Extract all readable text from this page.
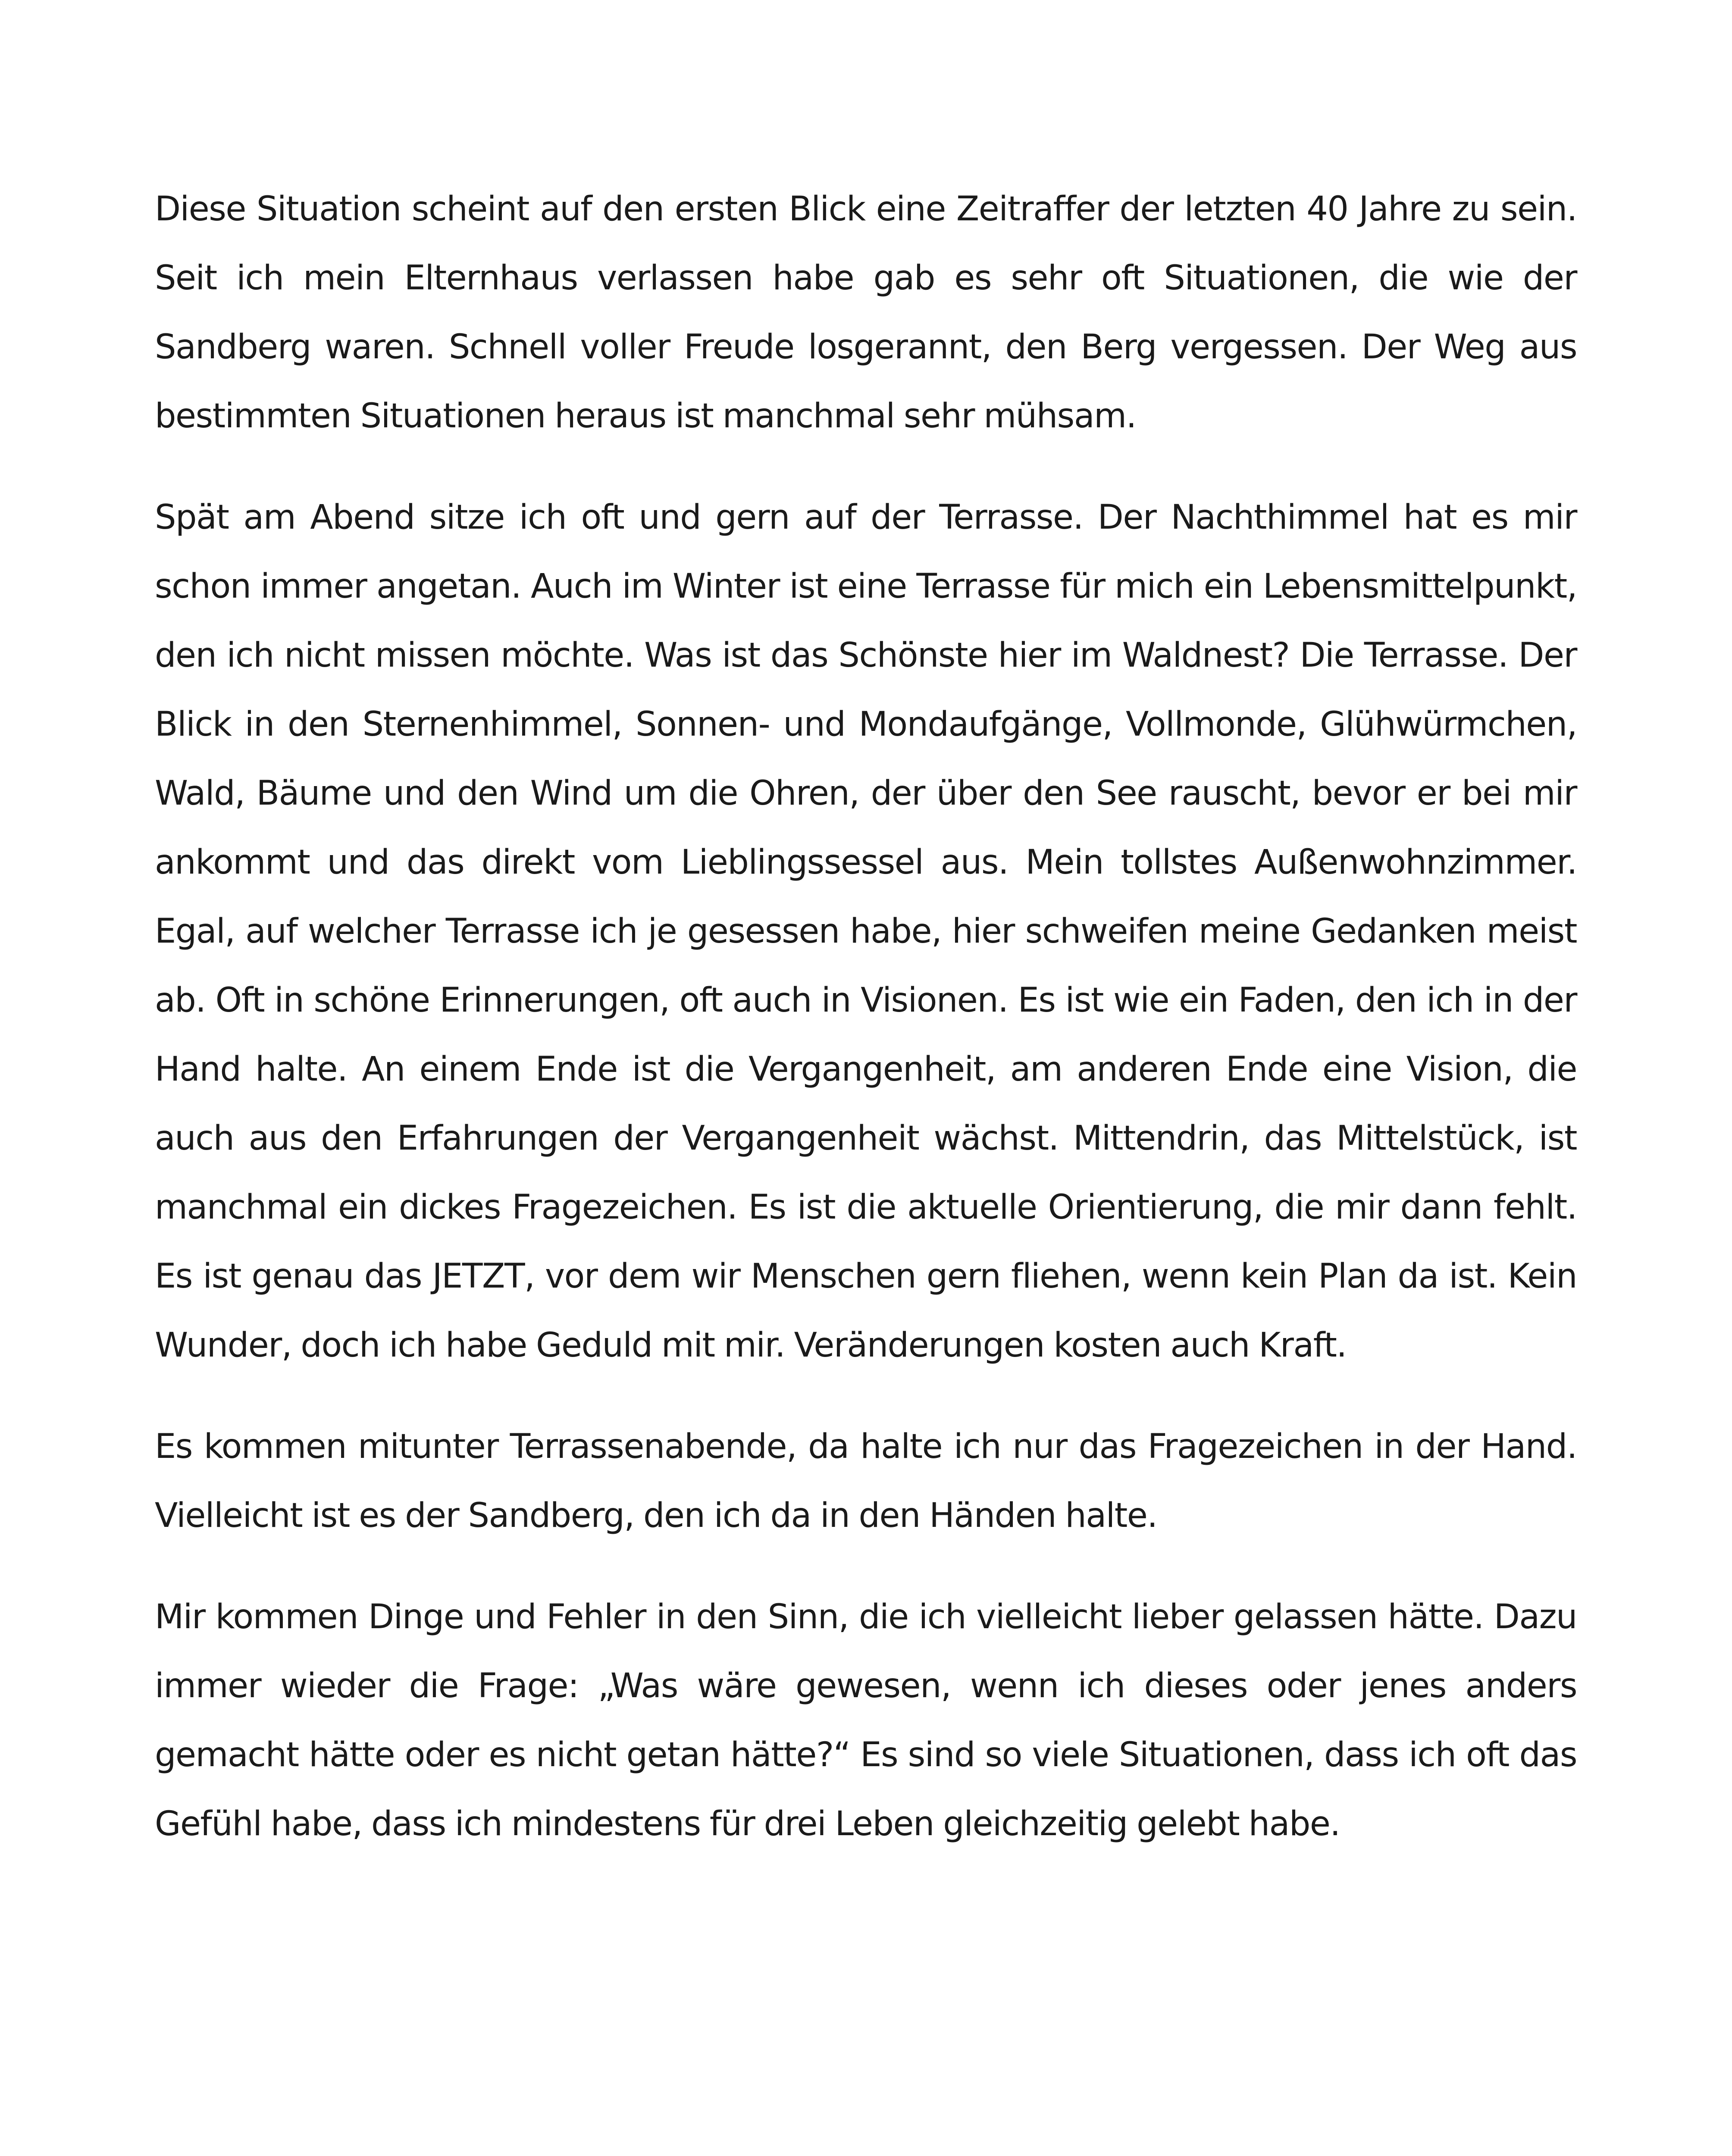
Diese Situation scheint auf den ersten Blick eine Zeitraffer der letzten 40 Jahre zu sein. Seit ich mein Elternhaus verlassen habe gab es sehr oft Situationen, die wie der Sandberg waren. Schnell voller Freude losgerannt, den Berg vergessen. Der Weg aus bestimmten Situationen heraus ist manchmal sehr mühsam.

Spät am Abend sitze ich oft und gern auf der Terrasse. Der Nachthimmel hat es mir schon immer angetan. Auch im Winter ist eine Terrasse für mich ein Lebensmittelpunkt, den ich nicht missen möchte. Was ist das Schönste hier im Waldnest? Die Terrasse. Der Blick in den Sternenhimmel, Sonnen- und Mondaufgänge, Vollmonde, Glühwürmchen, Wald, Bäume und den Wind um die Ohren, der über den See rauscht, bevor er bei mir ankommt und das direkt vom Lieblingssessel aus. Mein tollstes Außenwohnzimmer. Egal, auf welcher Terrasse ich je gesessen habe, hier schweifen meine Gedanken meist ab. Oft in schöne Erinnerungen, oft auch in Visionen. Es ist wie ein Faden, den ich in der Hand halte. An einem Ende ist die Vergangenheit, am anderen Ende eine Vision, die auch aus den Erfahrungen der Vergangenheit wächst. Mittendrin, das Mittelstück, ist manchmal ein dickes Fragezeichen. Es ist die aktuelle Orientierung, die mir dann fehlt. Es ist genau das JETZT, vor dem wir Menschen gern fliehen, wenn kein Plan da ist. Kein Wunder, doch ich habe Geduld mit mir. Veränderungen kosten auch Kraft.

Es kommen mitunter Terrassenabende, da halte ich nur das Fragezeichen in der Hand. Vielleicht ist es der Sandberg, den ich da in den Händen halte.

Mir kommen Dinge und Fehler in den Sinn, die ich vielleicht lieber gelassen hätte. Dazu immer wieder die Frage: „Was wäre gewesen, wenn ich dieses oder jenes anders gemacht hätte oder es nicht getan hätte?“ Es sind so viele Situationen, dass ich oft das Gefühl habe, dass ich mindestens für drei Leben gleichzeitig gelebt habe.
